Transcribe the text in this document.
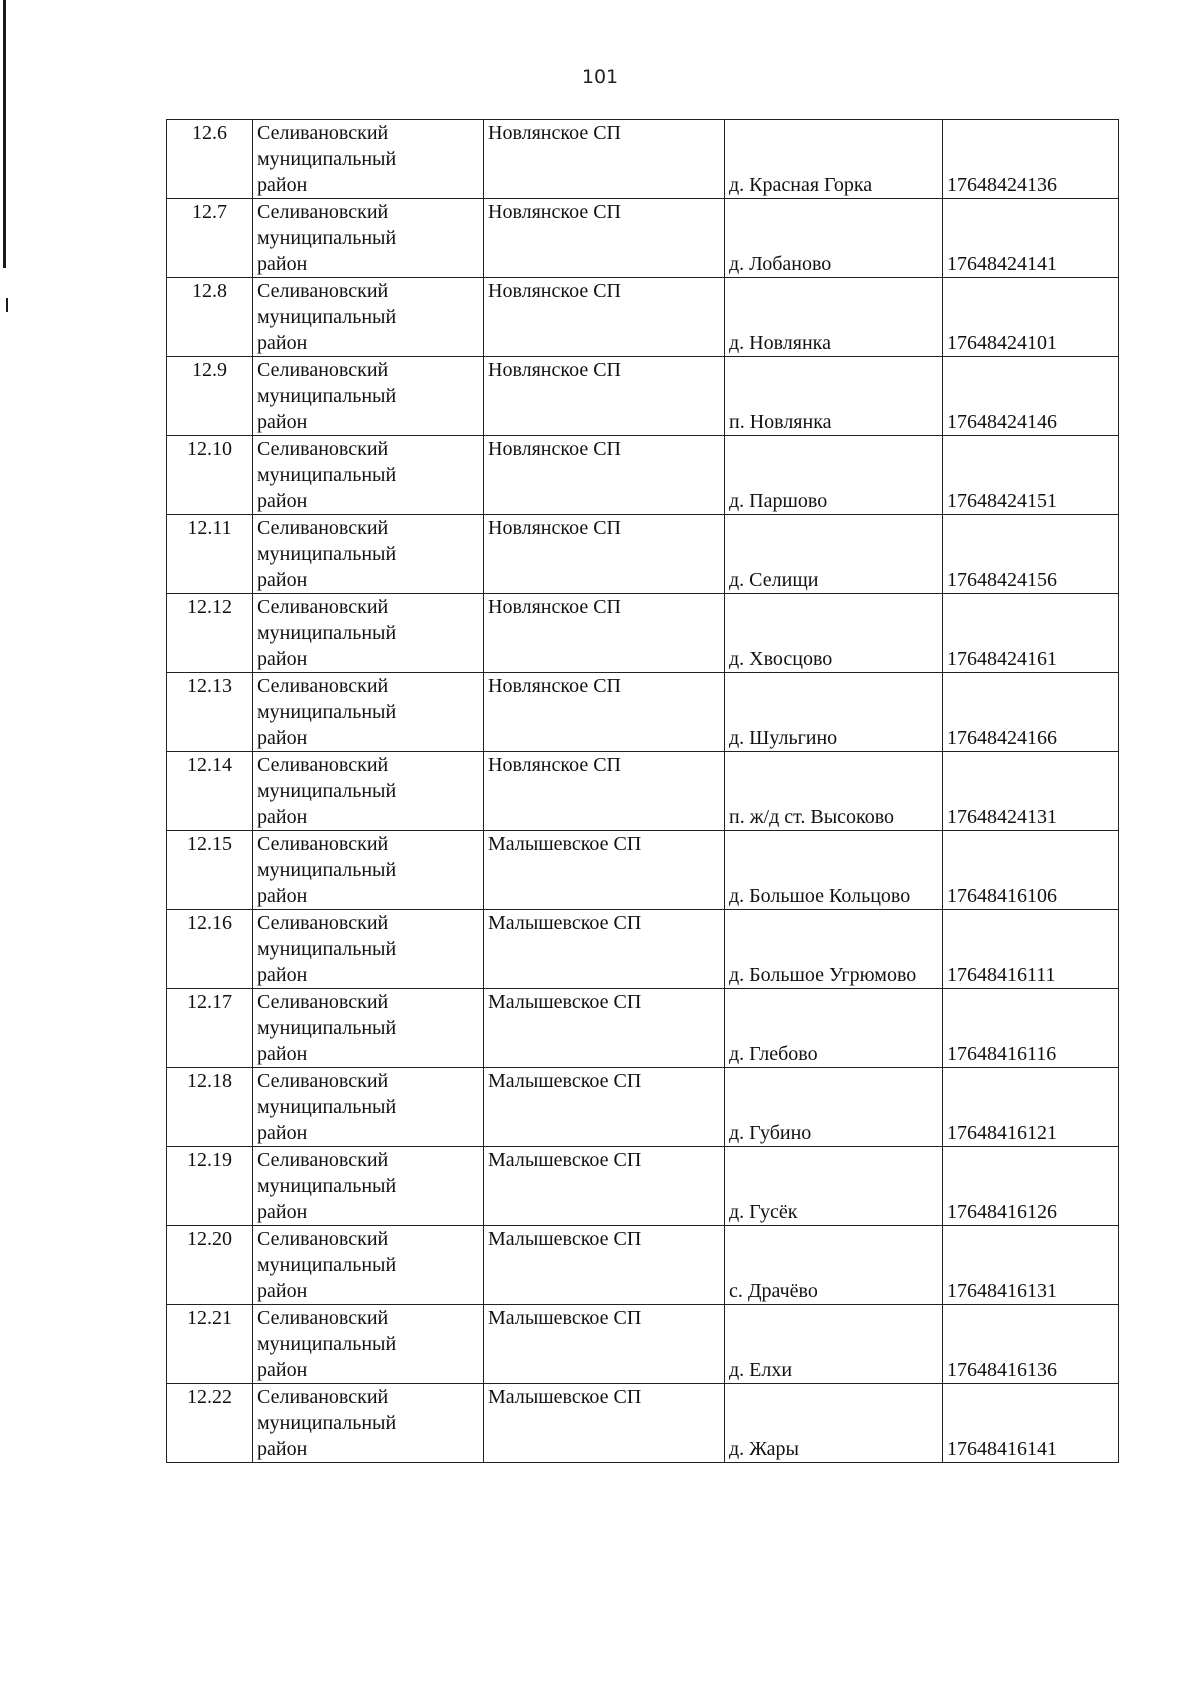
101
12.6	Селивановский
муниципальный
район	Новлянское СП	д. Красная Горка	17648424136
12.7	Селивановский
муниципальный
район	Новлянское СП	д. Лобаново	17648424141
12.8	Селивановский
муниципальный
район	Новлянское СП	д. Новлянка	17648424101
12.9	Селивановский
муниципальный
район	Новлянское СП	п. Новлянка	17648424146
12.10	Селивановский
муниципальный
район	Новлянское СП	д. Паршово	17648424151
12.11	Селивановский
муниципальный
район	Новлянское СП	д. Селищи	17648424156
12.12	Селивановский
муниципальный
район	Новлянское СП	д. Хвосцово	17648424161
12.13	Селивановский
муниципальный
район	Новлянское СП	д. Шульгино	17648424166
12.14	Селивановский
муниципальный
район	Новлянское СП	п. ж/д ст. Высоково	17648424131
12.15	Селивановский
муниципальный
район	Малышевское СП	д. Большое Кольцово	17648416106
12.16	Селивановский
муниципальный
район	Малышевское СП	д. Большое Угрюмово	17648416111
12.17	Селивановский
муниципальный
район	Малышевское СП	д. Глебово	17648416116
12.18	Селивановский
муниципальный
район	Малышевское СП	д. Губино	17648416121
12.19	Селивановский
муниципальный
район	Малышевское СП	д. Гусёк	17648416126
12.20	Селивановский
муниципальный
район	Малышевское СП	с. Драчёво	17648416131
12.21	Селивановский
муниципальный
район	Малышевское СП	д. Елхи	17648416136
12.22	Селивановский
муниципальный
район	Малышевское СП	д. Жары	17648416141
